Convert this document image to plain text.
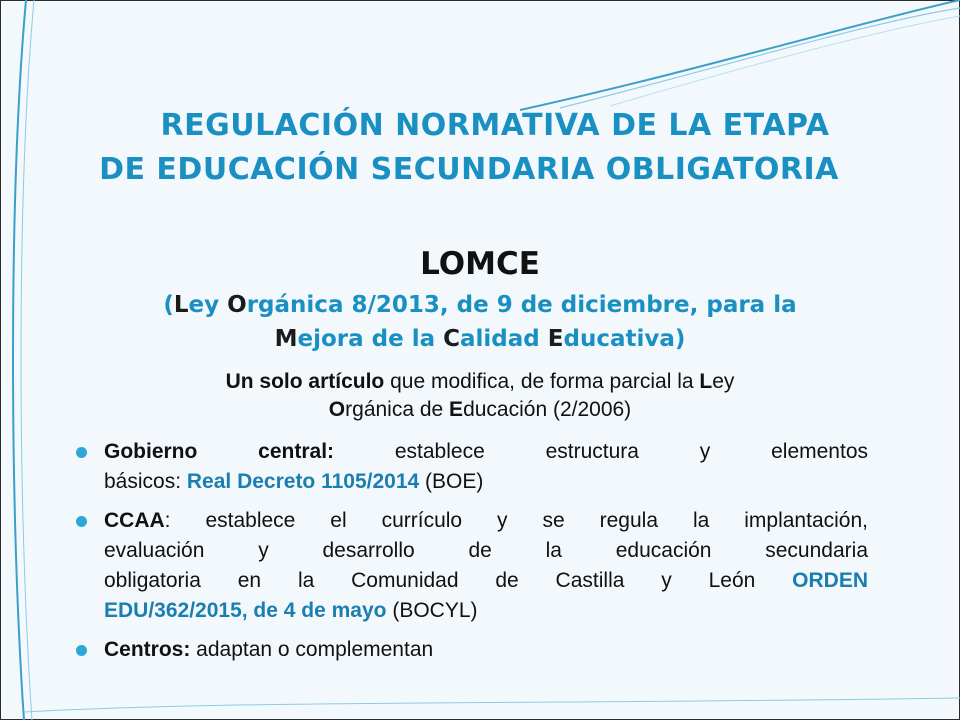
REGULACIÓN NORMATIVA DE LA ETAPA
DE EDUCACIÓN SECUNDARIA OBLIGATORIA
LOMCE
(Ley Orgánica 8/2013, de 9 de diciembre, para la
Mejora de la Calidad Educativa)
Un solo artículo que modifica, de forma parcial la Ley
Orgánica de Educación (2/2006)
Gobierno central: establece estructura y elementos
básicos: Real Decreto 1105/2014 (BOE)
CCAA: establece el currículo y se regula la implantación,
evaluación y desarrollo de la educación secundaria
obligatoria en la Comunidad de Castilla y León ORDEN
EDU/362/2015, de 4 de mayo (BOCYL)
Centros: adaptan o complementan
